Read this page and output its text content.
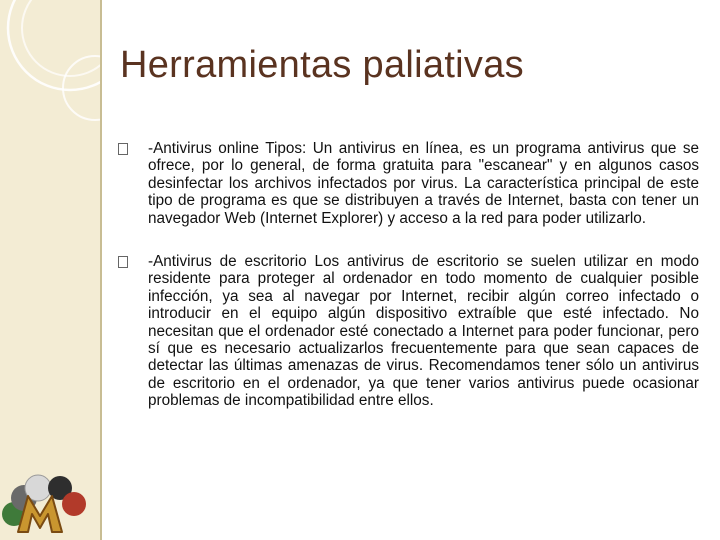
Herramientas paliativas
-Antivirus online Tipos: Un antivirus en línea, es un programa antivirus que se ofrece, por lo general, de forma gratuita para "escanear" y en algunos casos desinfectar los archivos infectados por virus. La característica principal de este tipo de programa es que se distribuyen a través de Internet, basta con tener un navegador Web (Internet Explorer) y acceso a la red para poder utilizarlo.
-Antivirus de escritorio Los antivirus de escritorio se suelen utilizar en modo residente para proteger al ordenador en todo momento de cualquier posible infección, ya sea al navegar por Internet, recibir algún correo infectado o introducir en el equipo algún dispositivo extraíble que esté infectado. No necesitan que el ordenador esté conectado a Internet para poder funcionar, pero sí que es necesario actualizarlos frecuentemente para que sean capaces de detectar las últimas amenazas de virus. Recomendamos tener sólo un antivirus de escritorio en el ordenador, ya que tener varios antivirus puede ocasionar problemas de incompatibilidad entre ellos.
